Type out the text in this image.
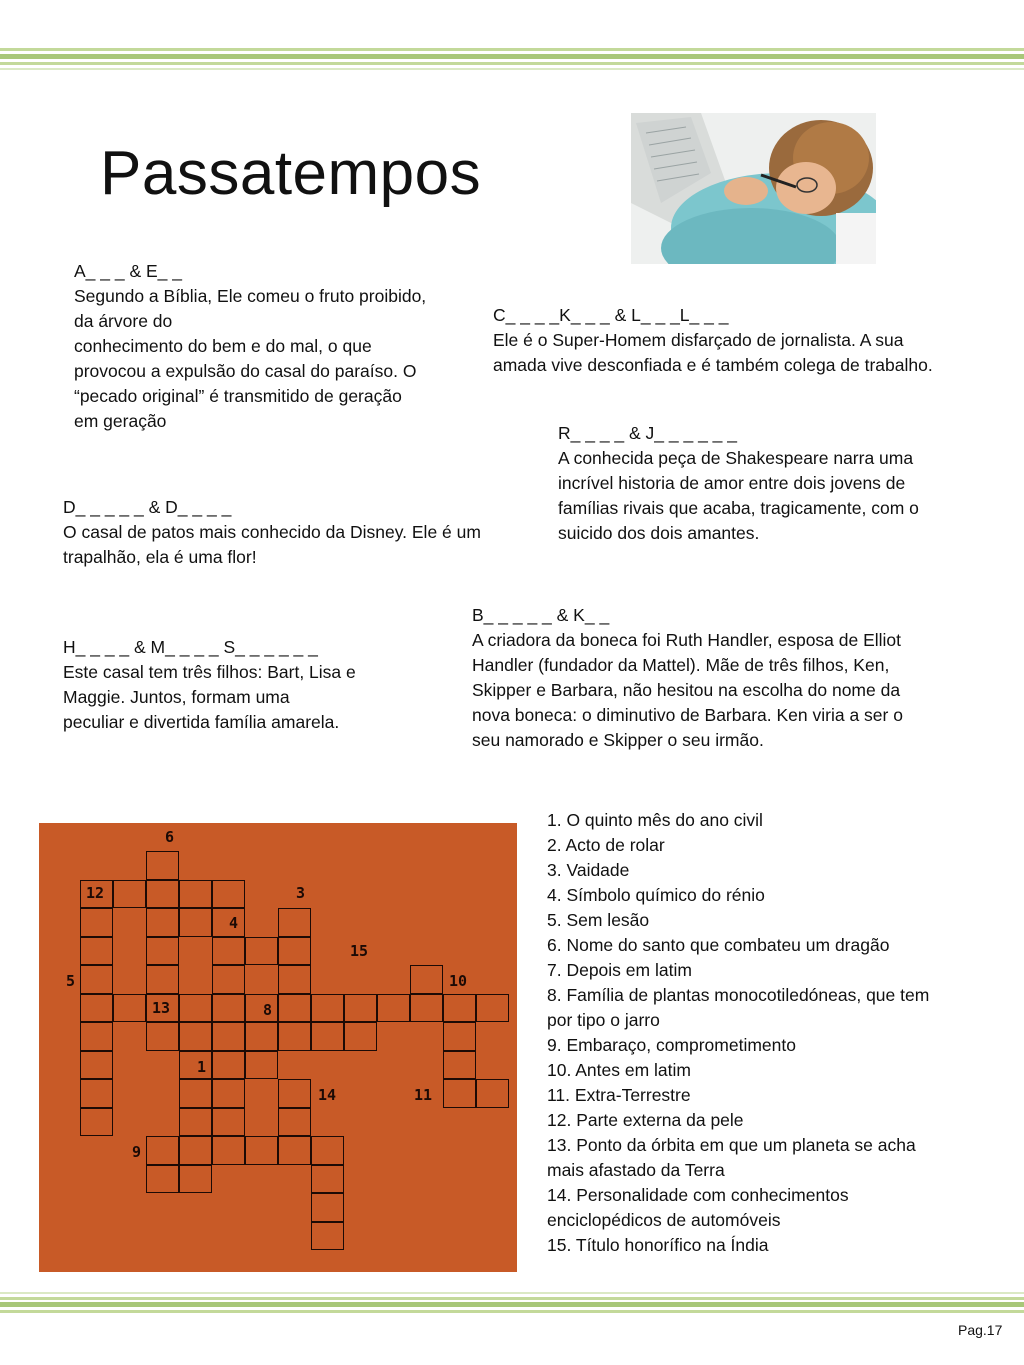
Passatempos

A_ _ _ & E_ _

Segundo a Bíblia, Ele comeu o fruto proibido,

da árvore do

conhecimento do bem e do mal, o que

provocou a expulsão do casal do paraíso. O

“pecado original” é transmitido de geração

em geração

C_ _ _ _K_ _ _ & L_ _ _L_ _ _

Ele é o Super-Homem disfarçado de jornalista. A sua

amada vive desconfiada e é também colega de trabalho.

R_ _ _ _ & J_ _ _ _ _ _

A conhecida peça de Shakespeare narra uma

incrível historia de amor entre dois jovens de

famílias rivais que acaba, tragicamente, com o

suicido dos dois amantes.

D_ _ _ _ _ & D_ _ _ _

O casal de patos mais conhecido da Disney. Ele é um

trapalhão, ela é uma flor!

B_ _ _ _ _ & K_ _

A criadora da boneca foi Ruth Handler, esposa de Elliot

Handler (fundador da Mattel). Mãe de três filhos, Ken,

Skipper e Barbara, não hesitou na escolha do nome da

nova boneca: o diminutivo de Barbara. Ken viria a ser o

seu namorado e Skipper o seu irmão.

H_ _ _ _ & M_ _ _ _ S_ _ _ _ _ _

Este casal tem três filhos: Bart, Lisa e

Maggie. Juntos, formam uma

peculiar e divertida família amarela.

6
12	3
4
15
5	10
13	8
1
14	11
9
1. O quinto mês do ano civil
2. Acto de rolar
3. Vaidade
4. Símbolo químico do rénio
5. Sem lesão
6. Nome do santo que combateu um dragão
7. Depois em latim
8. Família de plantas monocotiledóneas, que tem
por tipo o jarro
9. Embaraço, comprometimento
10. Antes em latim
11. Extra-Terrestre
12. Parte externa da pele
13. Ponto da órbita em que um planeta se acha
mais afastado da Terra
14. Personalidade com conhecimentos
enciclopédicos de automóveis
15. Título honorífico na Índia
Pag.17
